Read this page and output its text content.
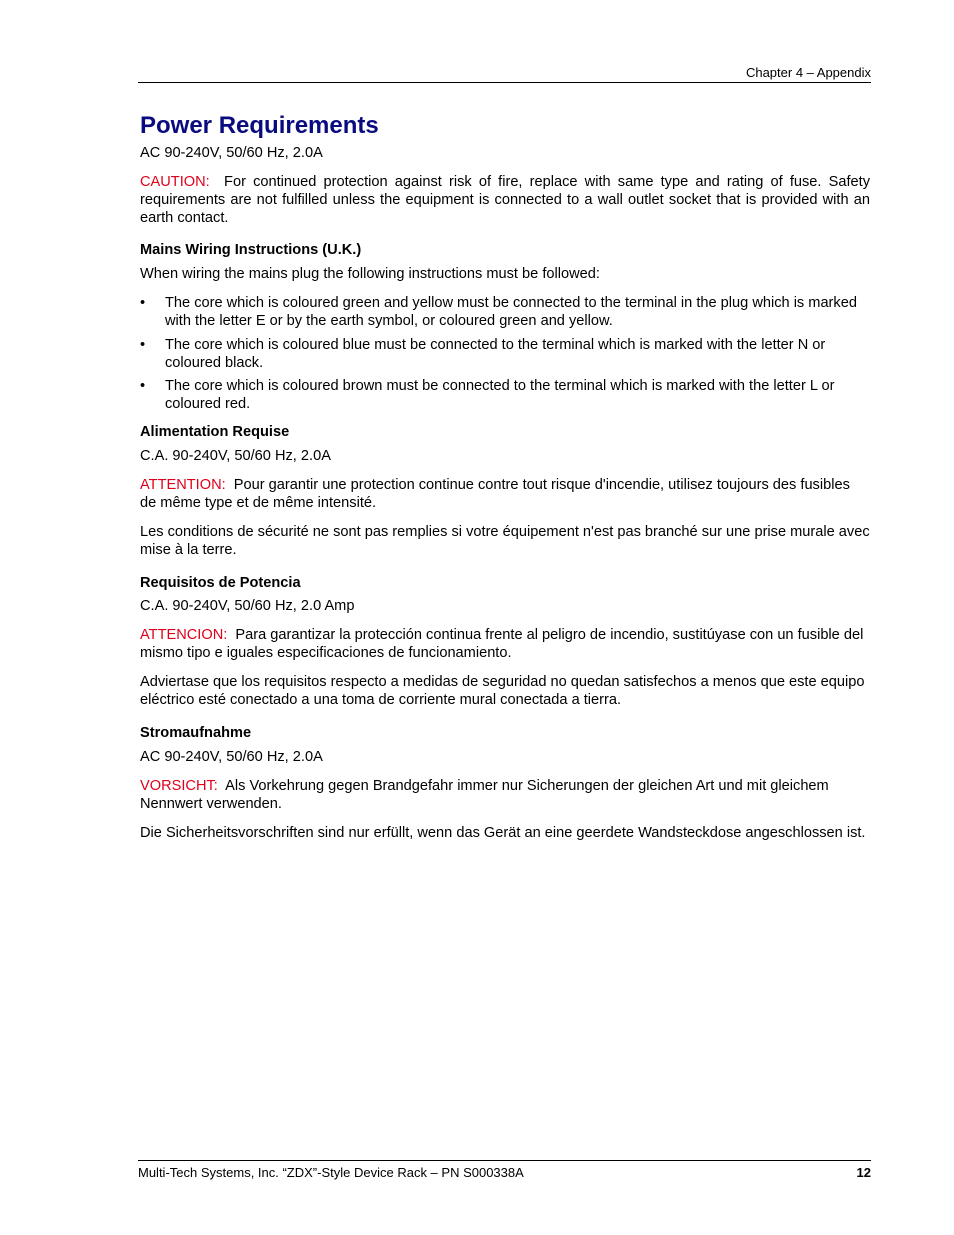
Chapter 4 – Appendix
Power Requirements

AC 90-240V, 50/60 Hz, 2.0A

CAUTION: For continued protection against risk of fire, replace with same type and rating of fuse. Safety requirements are not fulfilled unless the equipment is connected to a wall outlet socket that is provided with an earth contact.

Mains Wiring Instructions (U.K.)

When wiring the mains plug the following instructions must be followed:

•	The core which is coloured green and yellow must be connected to the terminal in the plug which is marked with the letter E or by the earth symbol, or coloured green and yellow.
•	The core which is coloured blue must be connected to the terminal which is marked with the letter N or coloured black.
•	The core which is coloured brown must be connected to the terminal which is marked with the letter L or coloured red.
Alimentation Requise

C.A. 90-240V, 50/60 Hz, 2.0A

ATTENTION: Pour garantir une protection continue contre tout risque d'incendie, utilisez toujours des fusibles de même type et de même intensité.

Les conditions de sécurité ne sont pas remplies si votre équipement n'est pas branché sur une prise murale avec mise à la terre.

Requisitos de Potencia

C.A. 90-240V, 50/60 Hz, 2.0 Amp

ATTENCION: Para garantizar la protección continua frente al peligro de incendio, sustitúyase con un fusible del mismo tipo e iguales especificaciones de funcionamiento.

Adviertase que los requisitos respecto a medidas de seguridad no quedan satisfechos a menos que este equipo eléctrico esté conectado a una toma de corriente mural conectada a tierra.

Stromaufnahme

AC 90-240V, 50/60 Hz, 2.0A

VORSICHT: Als Vorkehrung gegen Brandgefahr immer nur Sicherungen der gleichen Art und mit gleichem Nennwert verwenden.

Die Sicherheitsvorschriften sind nur erfüllt, wenn das Gerät an eine geerdete Wandsteckdose angeschlossen ist.

Multi-Tech Systems, Inc. “ZDX”-Style Device Rack – PN S000338A	12
